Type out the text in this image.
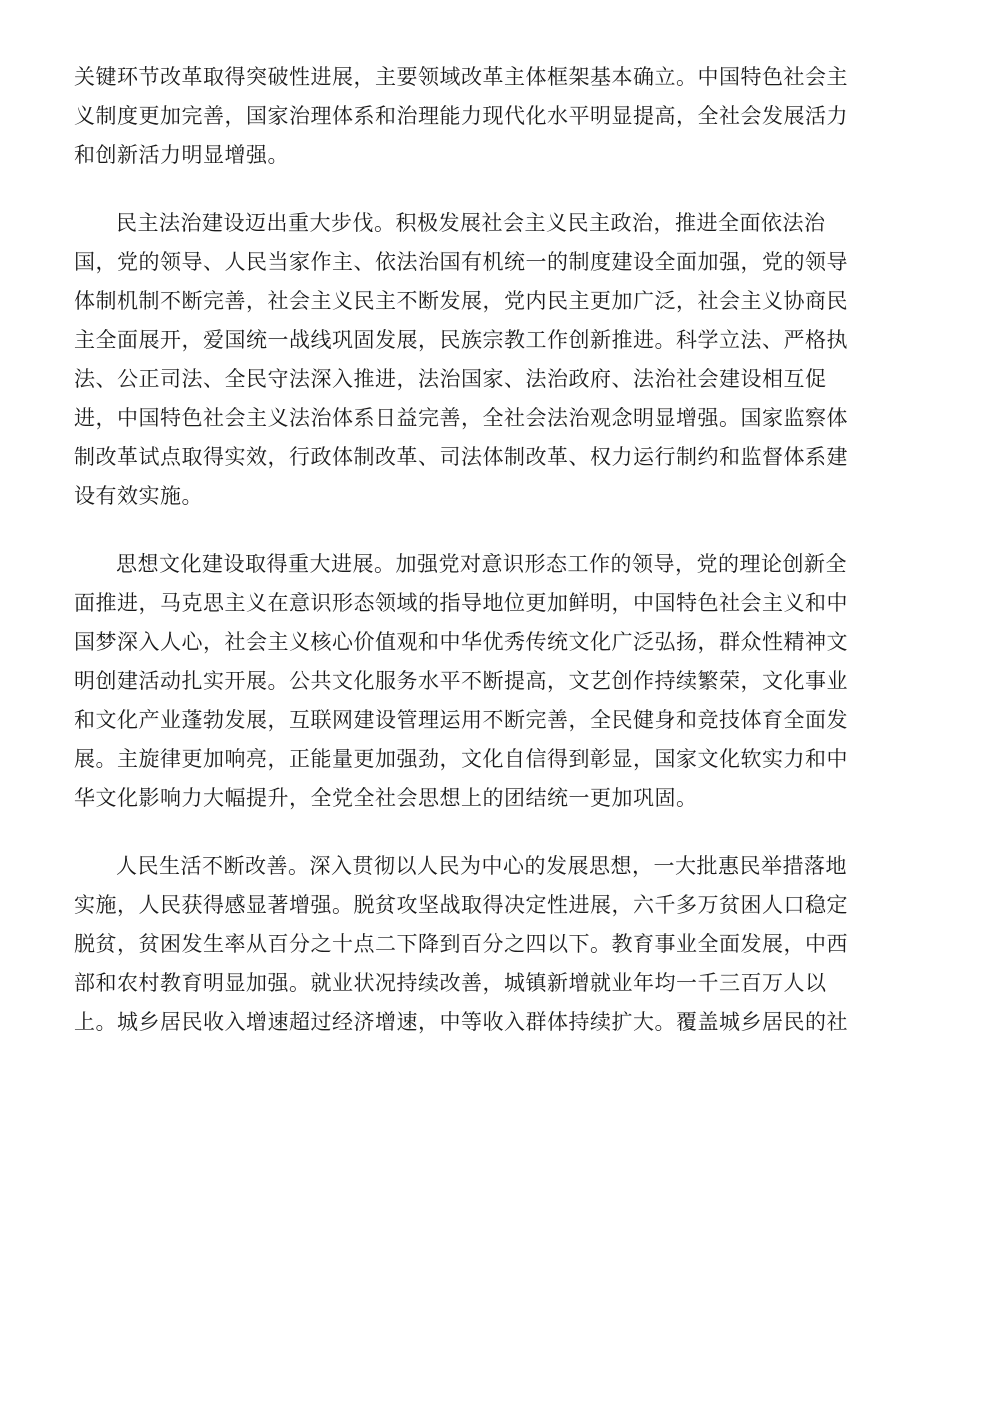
关键环节改革取得突破性进展，主要领域改革主体框架基本确立。中国特色社会主
义制度更加完善，国家治理体系和治理能力现代化水平明显提高，全社会发展活力
和创新活力明显增强。
民主法治建设迈出重大步伐。积极发展社会主义民主政治，推进全面依法治
国，党的领导、人民当家作主、依法治国有机统一的制度建设全面加强，党的领导
体制机制不断完善，社会主义民主不断发展，党内民主更加广泛，社会主义协商民
主全面展开，爱国统一战线巩固发展，民族宗教工作创新推进。科学立法、严格执
法、公正司法、全民守法深入推进，法治国家、法治政府、法治社会建设相互促
进，中国特色社会主义法治体系日益完善，全社会法治观念明显增强。国家监察体
制改革试点取得实效，行政体制改革、司法体制改革、权力运行制约和监督体系建
设有效实施。
思想文化建设取得重大进展。加强党对意识形态工作的领导，党的理论创新全
面推进，马克思主义在意识形态领域的指导地位更加鲜明，中国特色社会主义和中
国梦深入人心，社会主义核心价值观和中华优秀传统文化广泛弘扬，群众性精神文
明创建活动扎实开展。公共文化服务水平不断提高，文艺创作持续繁荣，文化事业
和文化产业蓬勃发展，互联网建设管理运用不断完善，全民健身和竞技体育全面发
展。主旋律更加响亮，正能量更加强劲，文化自信得到彰显，国家文化软实力和中
华文化影响力大幅提升，全党全社会思想上的团结统一更加巩固。
人民生活不断改善。深入贯彻以人民为中心的发展思想，一大批惠民举措落地
实施，人民获得感显著增强。脱贫攻坚战取得决定性进展，六千多万贫困人口稳定
脱贫，贫困发生率从百分之十点二下降到百分之四以下。教育事业全面发展，中西
部和农村教育明显加强。就业状况持续改善，城镇新增就业年均一千三百万人以
上。城乡居民收入增速超过经济增速，中等收入群体持续扩大。覆盖城乡居民的社
